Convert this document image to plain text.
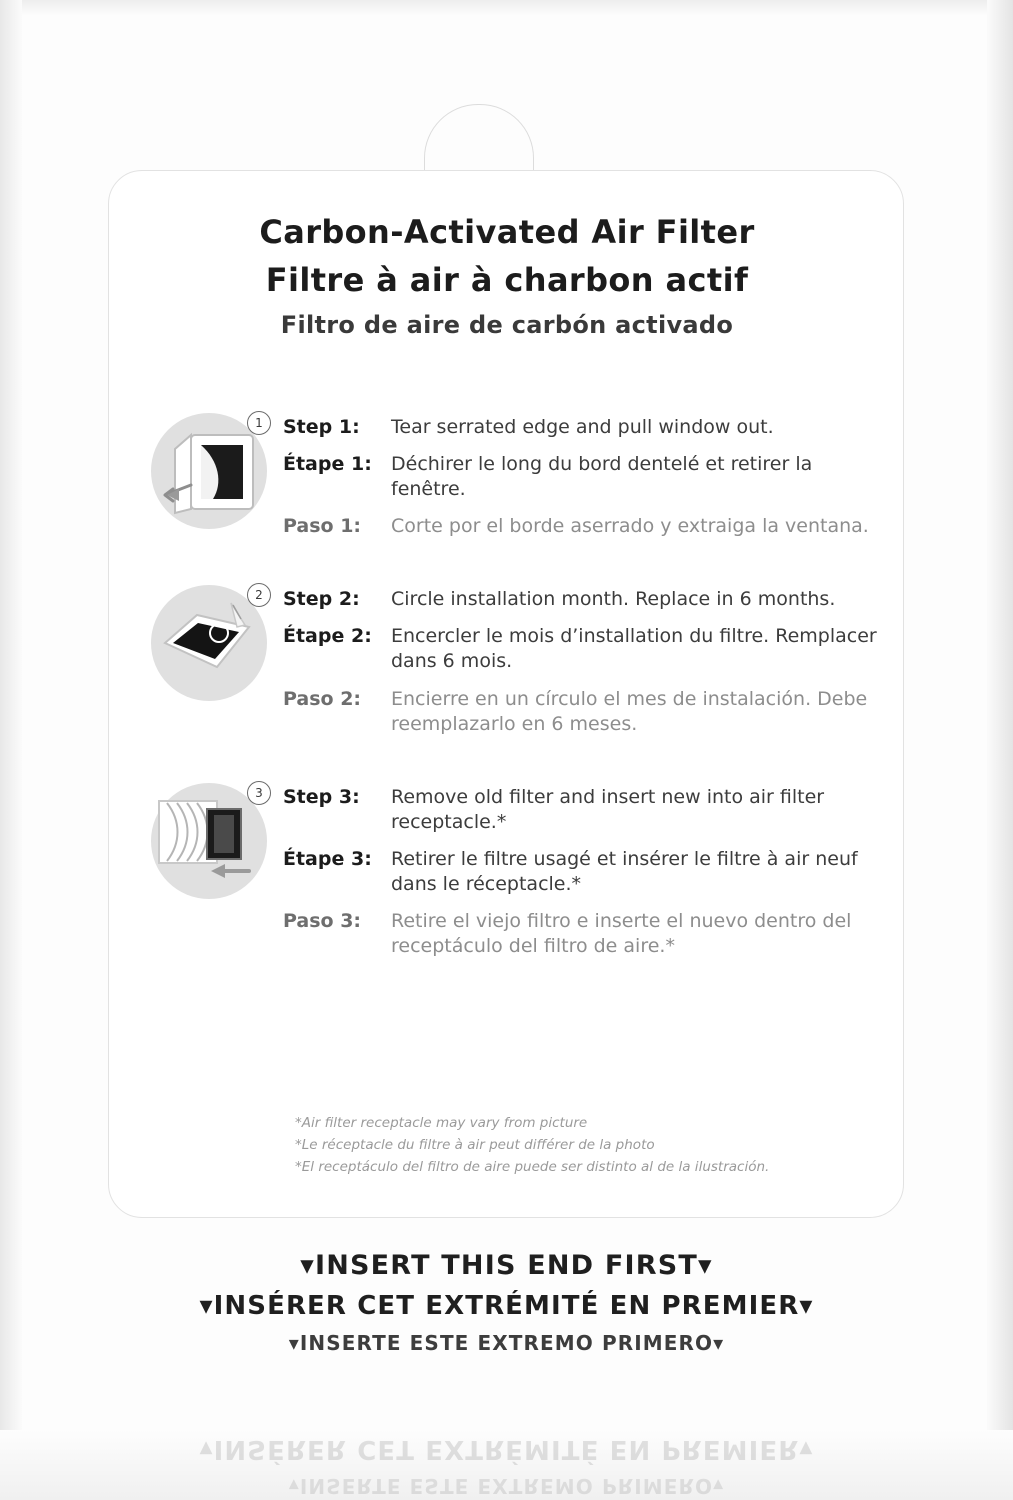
Carbon-Activated Air Filter
Filtre à air à charbon actif
Filtro de aire de carbón activado
1	Step 1:	Tear serrated edge and pull window out.
Étape 1:	Déchirer le long du bord dentelé et retirer la fenêtre.
Paso 1:	Corte por el borde aserrado y extraiga la ventana.
2	Step 2:	Circle installation month. Replace in 6 months.
Étape 2:	Encercler le mois d’installation du filtre. Remplacer dans 6 mois.
Paso 2:	Encierre en un círculo el mes de instalación. Debe reemplazarlo en 6 meses.
3	Step 3:	Remove old filter and insert new into air filter receptacle.*
Étape 3:	Retirer le filtre usagé et insérer le filtre à air neuf dans le réceptacle.*
Paso 3:	Retire el viejo filtro e inserte el nuevo dentro del receptáculo del filtro de aire.*
*Air filter receptacle may vary from picture
*Le réceptacle du filtre à air peut différer de la photo
*El receptáculo del filtro de aire puede ser distinto al de la ilustración.
▾INSERT THIS END FIRST▾
▾INSÉRER CET EXTRÉMITÉ EN PREMIER▾
▾INSERTE ESTE EXTREMO PRIMERO▾
▾INSERTE ESTE EXTREMO PRIMERO▾
▾INSÉRER CET EXTRÉMITÉ EN PREMIER▾
